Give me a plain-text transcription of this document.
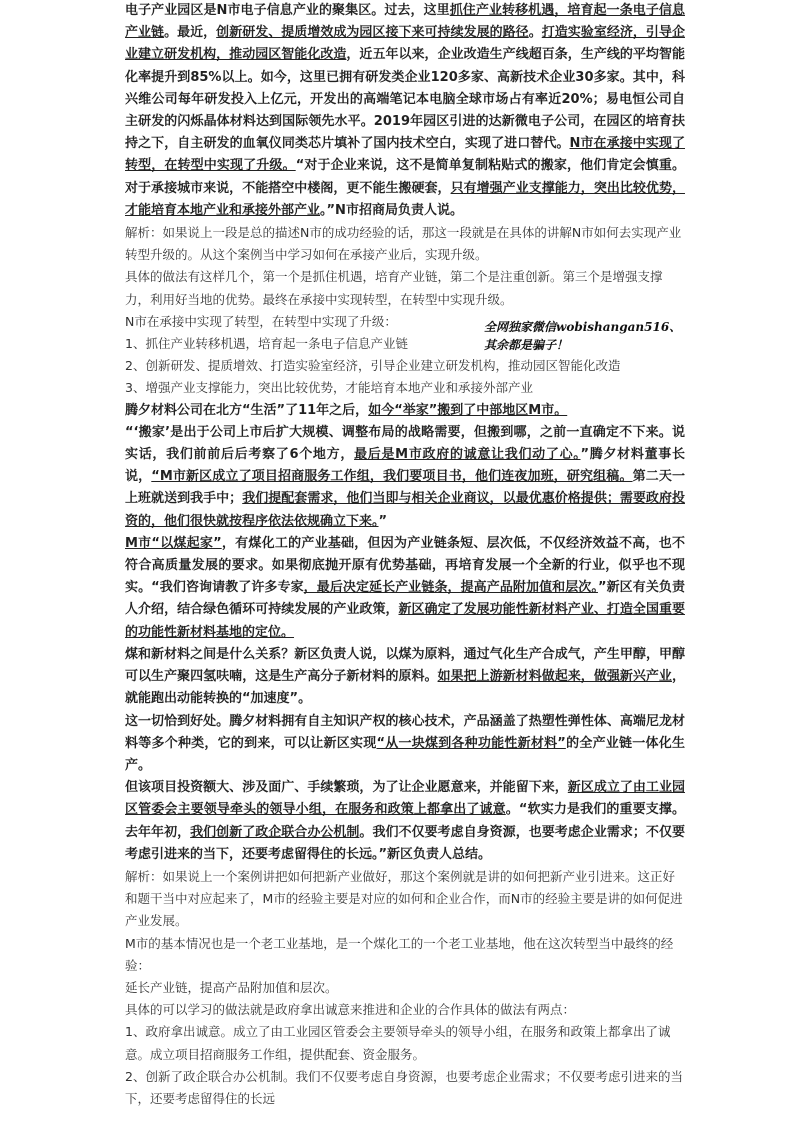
电子产业园区是N市电子信息产业的聚集区。过去，这里抓住产业转移机遇，培育起一条电子信息产业链。最近，创新研发、提质增效成为园区接下来可持续发展的路径。打造实验室经济，引导企业建立研发机构，推动园区智能化改造，近五年以来，企业改造生产线超百条，生产线的平均智能化率提升到85%以上。如今，这里已拥有研发类企业120多家、高新技术企业30多家。其中，科兴维公司每年研发投入上亿元，开发出的高端笔记本电脑全球市场占有率近20%；易电恒公司自主研发的闪烁晶体材料达到国际领先水平。2019年园区引进的达新微电子公司，在园区的培育扶持之下，自主研发的血氧仪同类芯片填补了国内技术空白，实现了进口替代。N市在承接中实现了转型，在转型中实现了升级。“对于企业来说，这不是简单复制粘贴式的搬家，他们肯定会慎重。对于承接城市来说，不能搭空中楼阁，更不能生搬硬套，只有增强产业支撑能力，突出比较优势，才能培育本地产业和承接外部产业。”N市招商局负责人说。

解析：如果说上一段是总的描述N市的成功经验的话，那这一段就是在具体的讲解N市如何去实现产业转型升级的。从这个案例当中学习如何在承接产业后，实现升级。

具体的做法有这样几个，第一个是抓住机遇，培育产业链，第二个是注重创新。第三个是增强支撑力，利用好当地的优势。最终在承接中实现转型，在转型中实现升级。

N市在承接中实现了转型，在转型中实现了升级：

1、抓住产业转移机遇，培育起一条电子信息产业链

2、创新研发、提质增效、打造实验室经济，引导企业建立研发机构，推动园区智能化改造

3、增强产业支撑能力，突出比较优势，才能培育本地产业和承接外部产业

腾夕材料公司在北方“生活”了11年之后，如今“举家”搬到了中部地区M市。

“‘搬家’是出于公司上市后扩大规模、调整布局的战略需要，但搬到哪，之前一直确定不下来。说实话，我们前前后后考察了6个地方，最后是M市政府的诚意让我们动了心。”腾夕材料董事长说，“M市新区成立了项目招商服务工作组，我们要项目书，他们连夜加班，研究组稿。第二天一上班就送到我手中；我们提配套需求，他们当即与相关企业商议，以最优惠价格提供；需要政府投资的，他们很快就按程序依法依规确立下来。”

M市“以煤起家”，有煤化工的产业基础，但因为产业链条短、层次低，不仅经济效益不高，也不符合高质量发展的要求。如果彻底抛开原有优势基础，再培育发展一个全新的行业，似乎也不现实。“我们咨询请教了许多专家，最后决定延长产业链条，提高产品附加值和层次。”新区有关负责人介绍，结合绿色循环可持续发展的产业政策，新区确定了发展功能性新材料产业、打造全国重要的功能性新材料基地的定位。

煤和新材料之间是什么关系？新区负责人说，以煤为原料，通过气化生产合成气，产生甲醇，甲醇可以生产聚四氢呋喃，这是生产高分子新材料的原料。如果把上游新材料做起来，做强新兴产业，就能跑出动能转换的“加速度”。

这一切恰到好处。腾夕材料拥有自主知识产权的核心技术，产品涵盖了热塑性弹性体、高端尼龙材料等多个种类，它的到来，可以让新区实现“从一块煤到各种功能性新材料”的全产业链一体化生产。

但该项目投资额大、涉及面广、手续繁琐，为了让企业愿意来，并能留下来，新区成立了由工业园区管委会主要领导牵头的领导小组，在服务和政策上都拿出了诚意。“软实力是我们的重要支撑。去年年初，我们创新了政企联合办公机制。我们不仅要考虑自身资源，也要考虑企业需求；不仅要考虑引进来的当下，还要考虑留得住的长远。”新区负责人总结。

解析：如果说上一个案例讲把如何把新产业做好，那这个案例就是讲的如何把新产业引进来。这正好和题干当中对应起来了，M市的经验主要是对应的如何和企业合作，而N市的经验主要是讲的如何促进产业发展。

M市的基本情况也是一个老工业基地，是一个煤化工的一个老工业基地，他在这次转型当中最终的经验：

延长产业链，提高产品附加值和层次。

具体的可以学习的做法就是政府拿出诚意来推进和企业的合作具体的做法有两点：

1、政府拿出诚意。成立了由工业园区管委会主要领导牵头的领导小组，在服务和政策上都拿出了诚意。成立项目招商服务工作组，提供配套、资金服务。

2、创新了政企联合办公机制。我们不仅要考虑自身资源，也要考虑企业需求；不仅要考虑引进来的当下，还要考虑留得住的长远

全网独家微信wobishangan516、
其余都是骗子！
